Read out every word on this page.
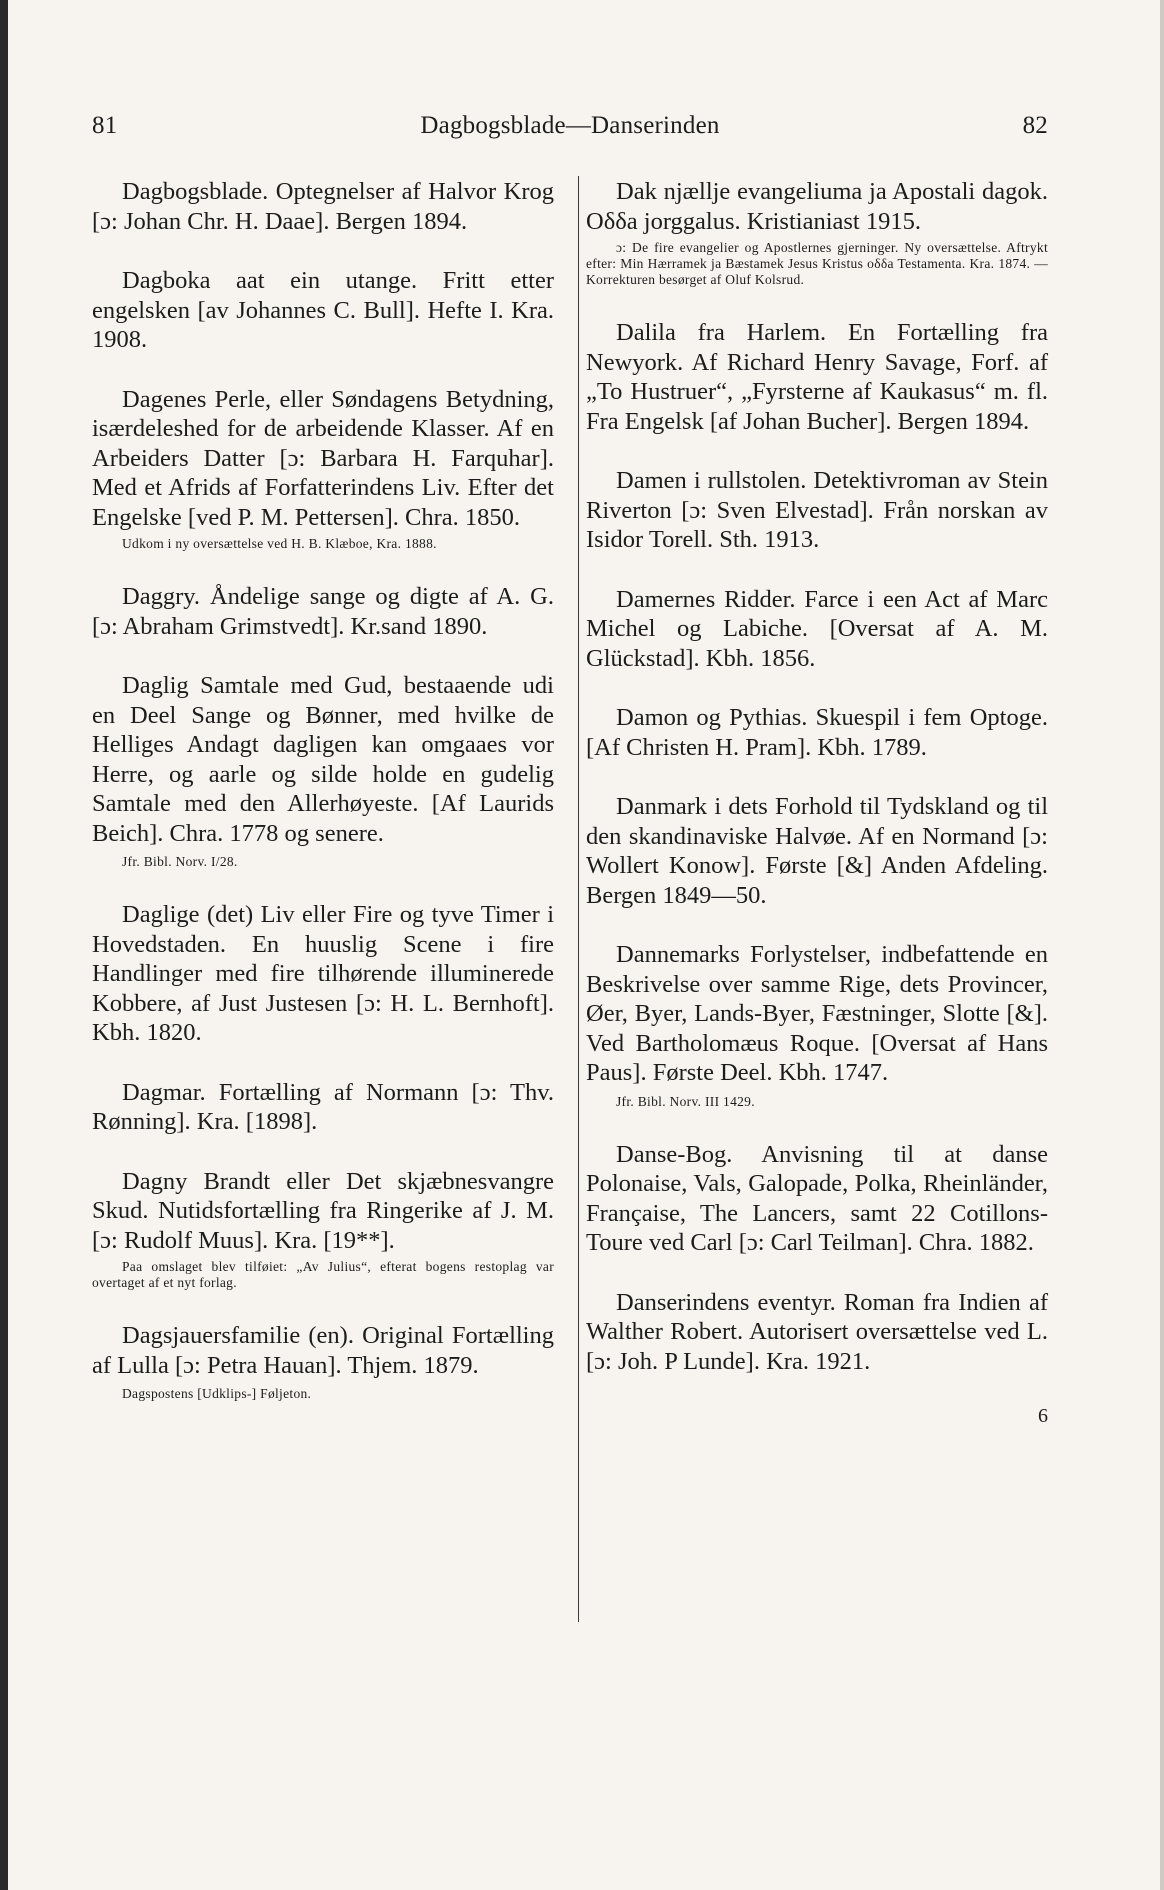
81	Dagbogsblade—Danserinden	82

Dagbogsblade. Optegnelser af Halvor Krog [ɔ: Johan Chr. H. Daae]. Bergen 1894.

Dagboka aat ein utange. Fritt etter engelsken [av Johannes C. Bull]. Hefte I. Kra. 1908.

Dagenes Perle, eller Søndagens Betydning, isærdeleshed for de arbeidende Klasser. Af en Arbeiders Datter [ɔ: Barbara H. Farquhar]. Med et Afrids af Forfatterindens Liv. Efter det Engelske [ved P. M. Pettersen]. Chra. 1850.

Udkom i ny oversættelse ved H. B. Klæboe, Kra. 1888.

Daggry. Åndelige sange og digte af A. G. [ɔ: Abraham Grimstvedt]. Kr.sand 1890.

Daglig Samtale med Gud, bestaaende udi en Deel Sange og Bønner, med hvilke de Helliges Andagt dagligen kan omgaaes vor Herre, og aarle og silde holde en gudelig Samtale med den Allerhøyeste. [Af Laurids Beich]. Chra. 1778 og senere.

Jfr. Bibl. Norv. I/28.

Daglige (det) Liv eller Fire og tyve Timer i Hovedstaden. En huuslig Scene i fire Handlinger med fire tilhørende illuminerede Kobbere, af Just Justesen [ɔ: H. L. Bernhoft]. Kbh. 1820.

Dagmar. Fortælling af Normann [ɔ: Thv. Rønning]. Kra. [1898].

Dagny Brandt eller Det skjæbnesvangre Skud. Nutidsfortælling fra Ringerike af J. M. [ɔ: Rudolf Muus]. Kra. [19**].

Paa omslaget blev tilføiet: „Av Julius“, efterat bogens restoplag var overtaget af et nyt forlag.

Dagsjauersfamilie (en). Original Fortælling af Lulla [ɔ: Petra Hauan]. Thjem. 1879.

Dagspostens [Udklips-] Føljeton.

Dak njællje evangeliuma ja Apostali dagok. Oδδa jorggalus. Kristianiast 1915.

ɔ: De fire evangelier og Apostlernes gjerninger. Ny oversættelse. Aftrykt efter: Min Hærramek ja Bæstamek Jesus Kristus oδδa Testamenta. Kra. 1874. — Korrekturen besørget af Oluf Kolsrud.

Dalila fra Harlem. En Fortælling fra Newyork. Af Richard Henry Savage, Forf. af „To Hustruer“, „Fyrsterne af Kaukasus“ m. fl. Fra Engelsk [af Johan Bucher]. Bergen 1894.

Damen i rullstolen. Detektivroman av Stein Riverton [ɔ: Sven Elvestad]. Från norskan av Isidor Torell. Sth. 1913.

Damernes Ridder. Farce i een Act af Marc Michel og Labiche. [Oversat af A. M. Glückstad]. Kbh. 1856.

Damon og Pythias. Skuespil i fem Optoge. [Af Christen H. Pram]. Kbh. 1789.

Danmark i dets Forhold til Tydskland og til den skandinaviske Halvøe. Af en Normand [ɔ: Wollert Konow]. Første [&] Anden Afdeling. Bergen 1849—50.

Dannemarks Forlystelser, indbefattende en Beskrivelse over samme Rige, dets Provincer, Øer, Byer, Lands-Byer, Fæstninger, Slotte [&]. Ved Bartholomæus Roque. [Oversat af Hans Paus]. Første Deel. Kbh. 1747.

Jfr. Bibl. Norv. III 1429.

Danse-Bog. Anvisning til at danse Polonaise, Vals, Galopade, Polka, Rheinländer, Française, The Lancers, samt 22 Cotillons-Toure ved Carl [ɔ: Carl Teilman]. Chra. 1882.

Danserindens eventyr. Roman fra Indien af Walther Robert. Autorisert oversættelse ved L. [ɔ: Joh. P Lunde]. Kra. 1921.

6
